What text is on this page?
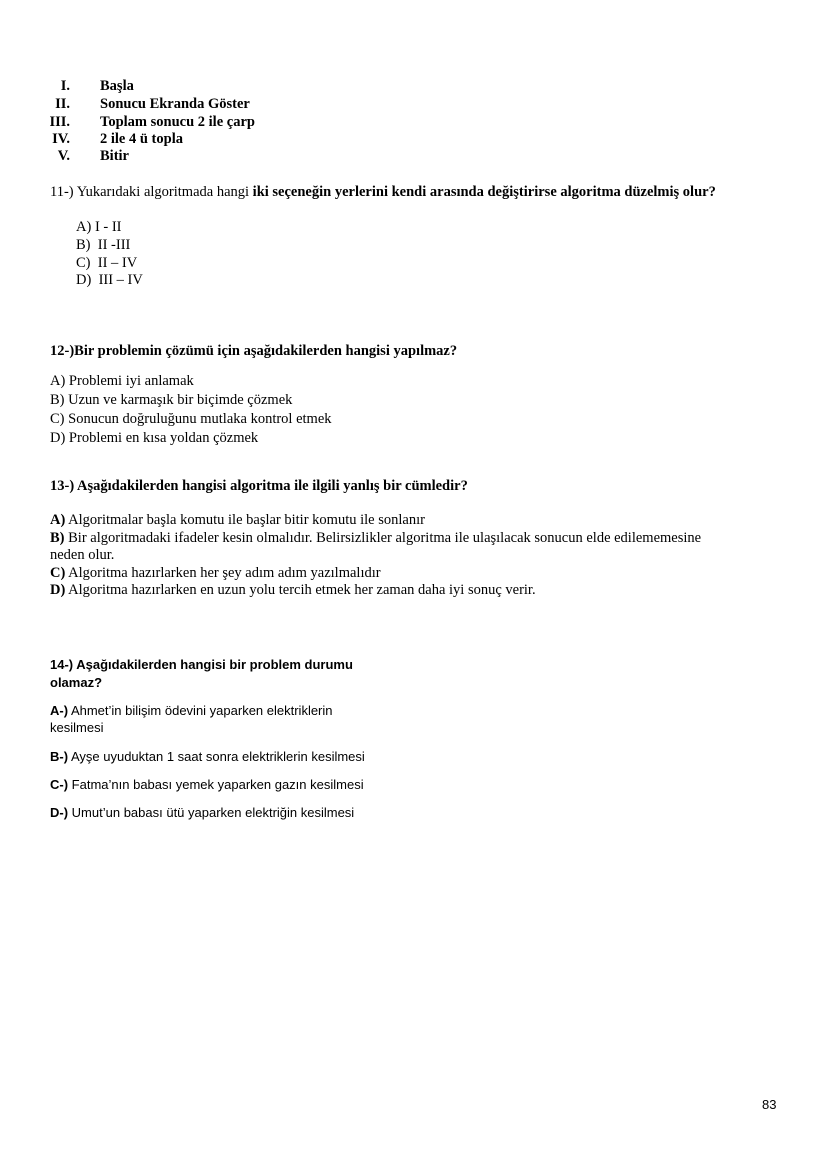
I. Başla
II. Sonucu Ekranda Göster
III. Toplam sonucu 2 ile çarp
IV. 2 ile 4 ü topla
V. Bitir
11-) Yukarıdaki algoritmada hangi iki seçeneğin yerlerini kendi arasında değiştirirse algoritma düzelmiş olur?
A) I - II
B) II -III
C) II – IV
D) III – IV
12-)Bir problemin çözümü için aşağıdakilerden hangisi yapılmaz?
A) Problemi iyi anlamak
B) Uzun ve karmaşık bir biçimde çözmek
C) Sonucun doğruluğunu mutlaka kontrol etmek
D) Problemi en kısa yoldan çözmek
13-) Aşağıdakilerden hangisi algoritma ile ilgili yanlış bir cümledir?
A) Algoritmalar başla komutu ile başlar bitir komutu ile sonlanır
B) Bir algoritmadaki ifadeler kesin olmalıdır. Belirsizlikler algoritma ile ulaşılacak sonucun elde edilememesine
neden olur.
C) Algoritma hazırlarken her şey adım adım yazılmalıdır
D) Algoritma hazırlarken en uzun yolu tercih etmek her zaman daha iyi sonuç verir.
14-) Aşağıdakilerden hangisi bir problem durumu
olamaz?
A-) Ahmet’in bilişim ödevini yaparken elektriklerin
kesilmesi
B-) Ayşe uyuduktan 1 saat sonra elektriklerin kesilmesi
C-) Fatma’nın babası yemek yaparken gazın kesilmesi
D-) Umut’un babası ütü yaparken elektriğin kesilmesi
83
